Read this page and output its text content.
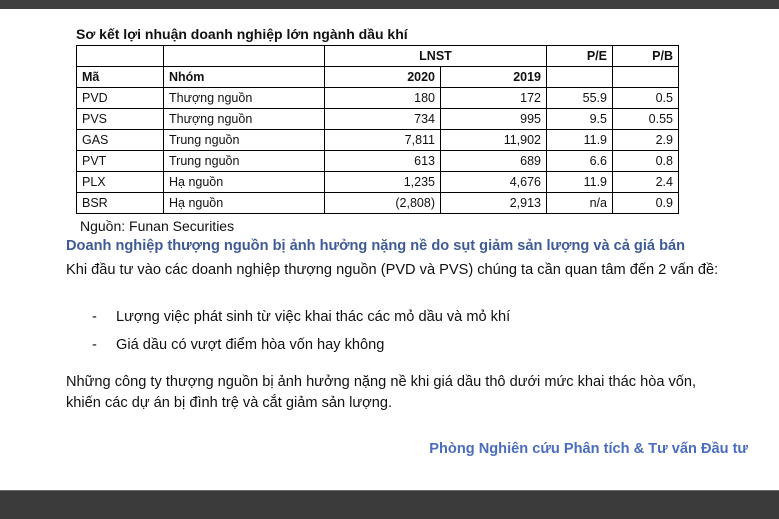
Sơ kết lợi nhuận doanh nghiệp lớn ngành dầu khí
		LNST		P/E	P/B
Mã	Nhóm	2020	2019		
PVD	Thượng nguồn	180	172	55.9	0.5
PVS	Thượng nguồn	734	995	9.5	0.55
GAS	Trung nguồn	7,811	11,902	11.9	2.9
PVT	Trung nguồn	613	689	6.6	0.8
PLX	Hạ nguồn	1,235	4,676	11.9	2.4
BSR	Hạ nguồn	(2,808)	2,913	n/a	0.9
Nguồn: Funan Securities
Doanh nghiệp thượng nguồn bị ảnh hưởng nặng nề do sụt giảm sản lượng và cả giá bán
Khi đầu tư vào các doanh nghiệp thượng nguồn (PVD và PVS) chúng ta cần quan tâm đến 2 vấn đề:
- Lượng việc phát sinh từ việc khai thác các mỏ dầu và mỏ khí
- Giá dầu có vượt điểm hòa vốn hay không
Những công ty thượng nguồn bị ảnh hưởng nặng nề khi giá dầu thô dưới mức khai thác hòa vốn, khiến các dự án bị đình trệ và cắt giảm sản lượng.
Phòng Nghiên cứu Phân tích & Tư vấn Đầu tư
